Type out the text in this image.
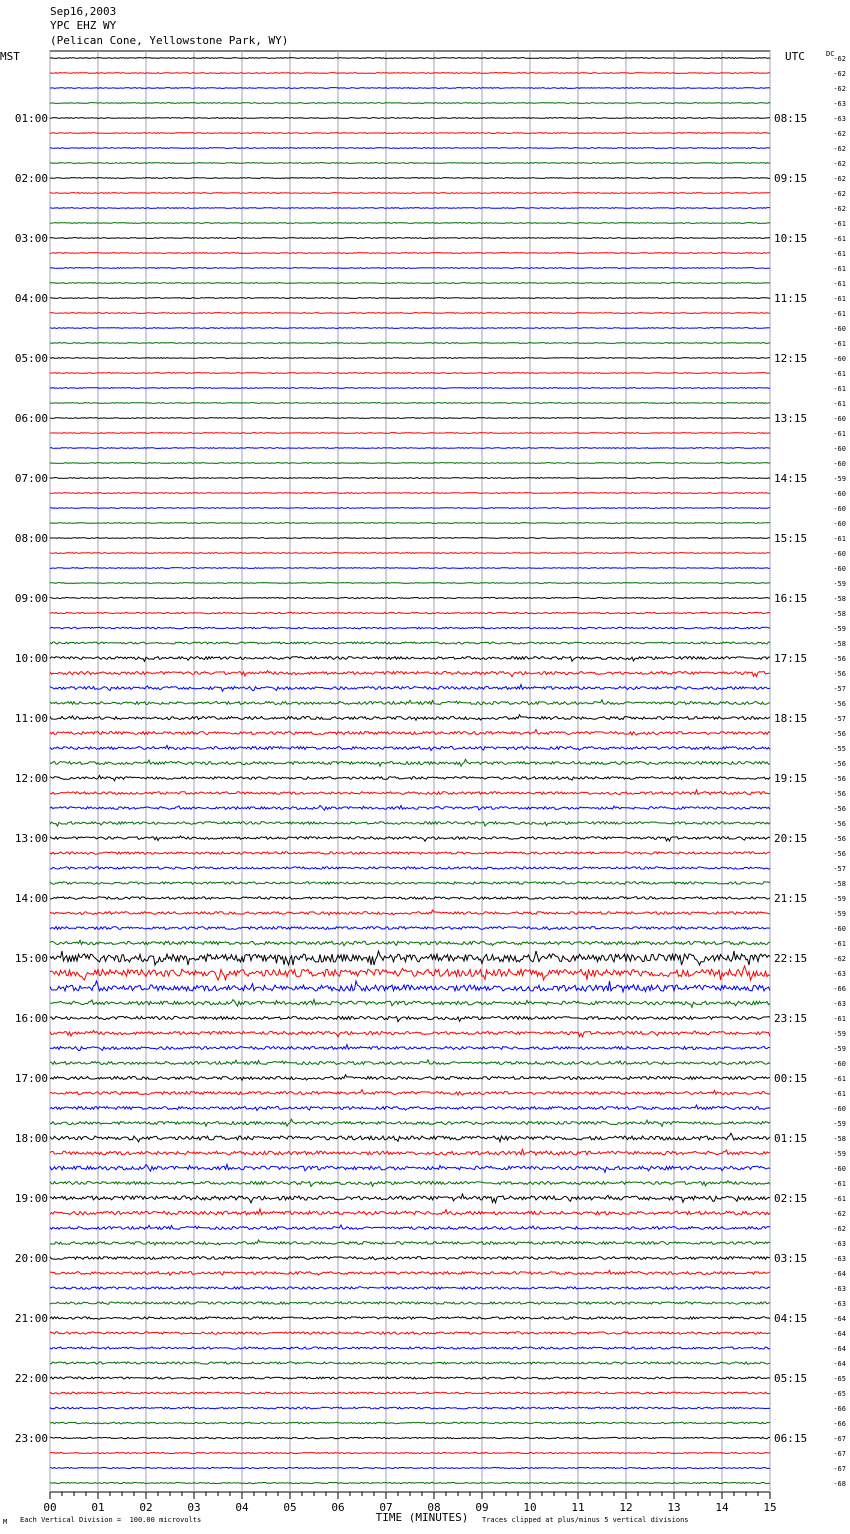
Sep16,2003
YPC EHZ WY
(Pelican Cone, Yellowstone Park, WY)
MST	UTC	DC
M Each Vertical Division =  100.00 microvolts	Traces clipped at plus/minus 5 vertical divisions
00	01	02	03	04	05	06	07	08	09	10	11	12	13	14	15
-62
-62
-62
-63
-63
-62
-62
-62
-62
-62
-62
-61
-61
-61
-61
-61
-61
-61
-60
-61
-60
-61
-61
-61
-60
-61
-60
-60
-59
-60
-60
-60
-61
-60
-60
-59
-58
-58
-59
-58
-56
-56
-57
-56
-57
-56
-55
-56
-56
-56
-56
-56
-56
-56
-57
-58
-59
-59
-60
-61
-62
-63
-66
-63
-61
-59
-59
-60
-61
-61
-60
-59
-58
-59
-60
-61
-61
-62
-62
-63
-63
-64
-63
-63
-64
-64
-64
-64
-65
-65
-66
-66
-67
-67
-67
-68
01:00	08:15
02:00	09:15
03:00	10:15
04:00	11:15
05:00	12:15
06:00	13:15
07:00	14:15
08:00	15:15
09:00	16:15
10:00	17:15
11:00	18:15
12:00	19:15
13:00	20:15
14:00	21:15
15:00	22:15
16:00	23:15
17:00	00:15
18:00	01:15
19:00	02:15
20:00	03:15
21:00	04:15
22:00	05:15
23:00	06:15
TIME (MINUTES)
